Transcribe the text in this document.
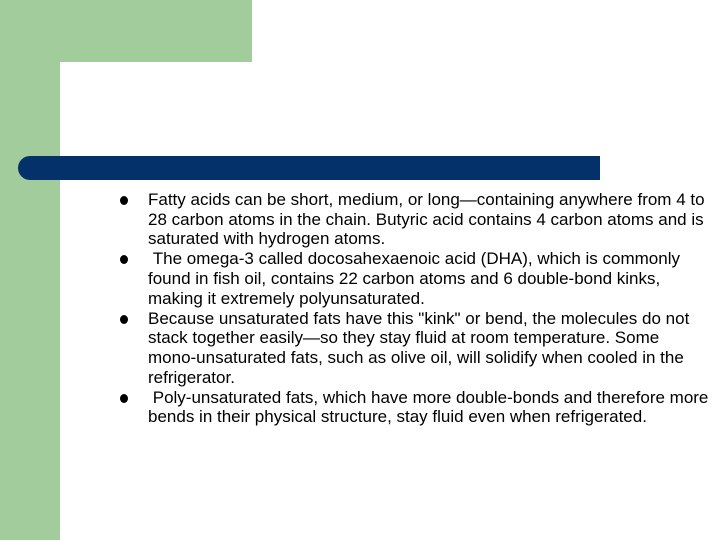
Fatty acids can be short, medium, or long—containing anywhere from 4 to 28 carbon atoms in the chain. Butyric acid contains 4 carbon atoms and is saturated with hydrogen atoms.
The omega-3 called docosahexaenoic acid (DHA), which is commonly found in fish oil, contains 22 carbon atoms and 6 double-bond kinks, making it extremely polyunsaturated.
Because unsaturated fats have this "kink" or bend, the molecules do not stack together easily—so they stay fluid at room temperature. Some mono-unsaturated fats, such as olive oil, will solidify when cooled in the refrigerator.
Poly-unsaturated fats, which have more double-bonds and therefore more bends in their physical structure, stay fluid even when refrigerated.
